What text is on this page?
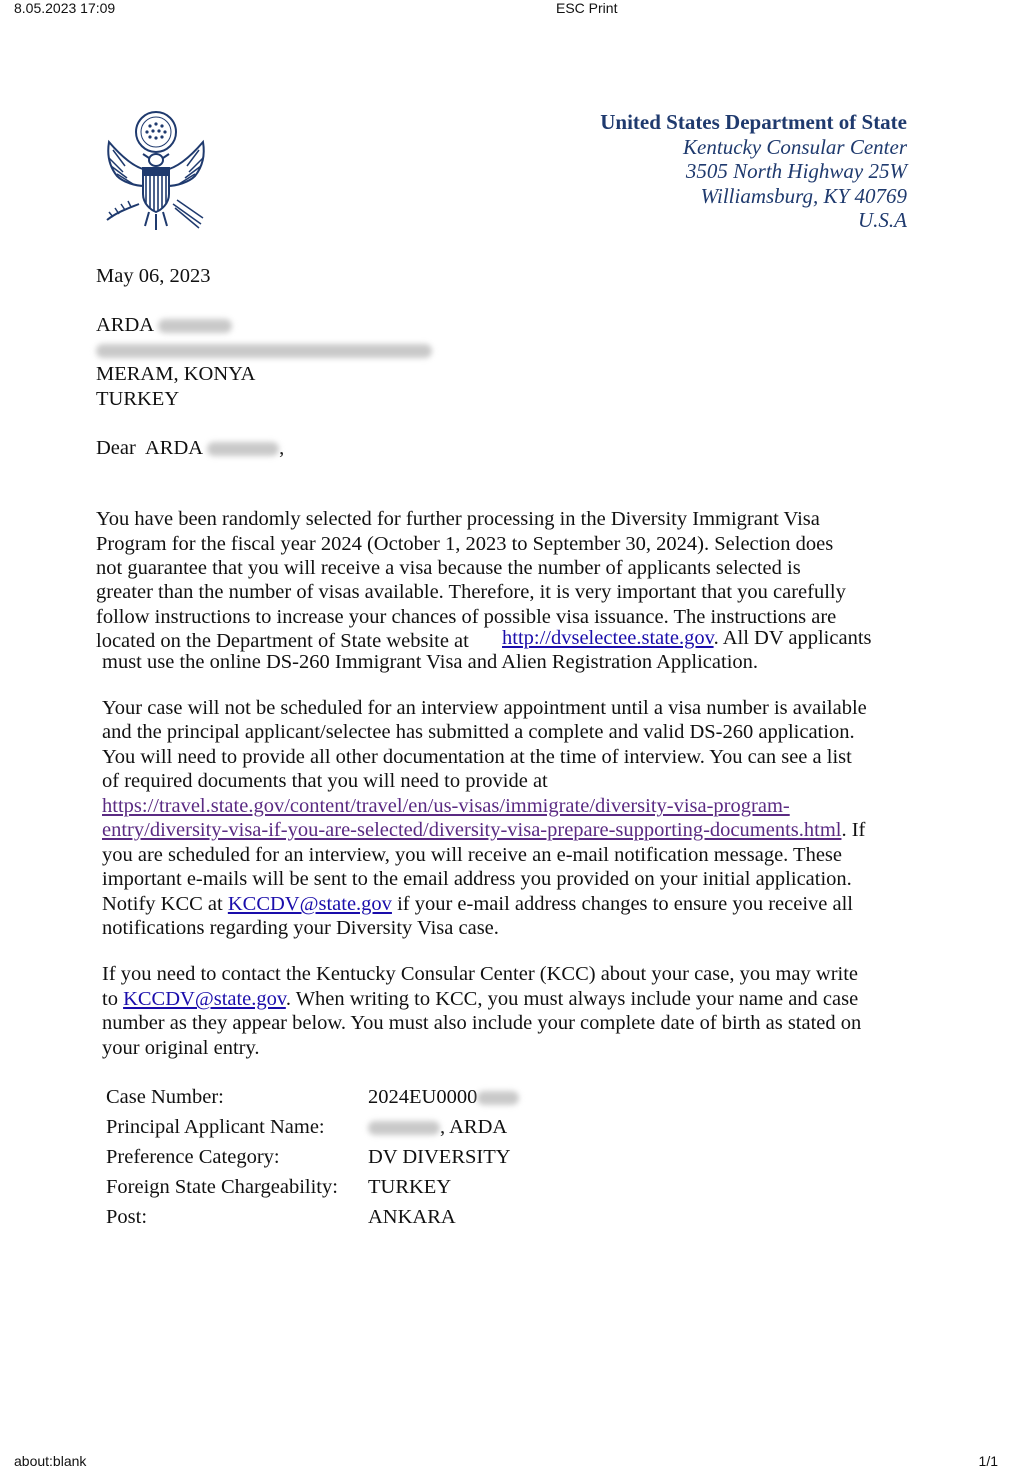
8.05.2023 17:09	ESC Print
about:blank	1/1
United States Department of State
Kentucky Consular Center
3505 North Highway 25W
Williamsburg, KY 40769
U.S.A
May 06, 2023
ARDA
MERAM, KONYA
TURKEY
Dear ARDA	,
You have been randomly selected for further processing in the Diversity Immigrant Visa
Program for the fiscal year 2024 (October 1, 2023 to September 30, 2024). Selection does
not guarantee that you will receive a visa because the number of applicants selected is
greater than the number of visas available. Therefore, it is very important that you carefully
follow instructions to increase your chances of possible visa issuance. The instructions are
located on the Department of State website at http://dvselectee.state.gov. All DV applicants
must use the online DS-260 Immigrant Visa and Alien Registration Application.
Your case will not be scheduled for an interview appointment until a visa number is available
and the principal applicant/selectee has submitted a complete and valid DS-260 application.
You will need to provide all other documentation at the time of interview. You can see a list
of required documents that you will need to provide at
https://travel.state.gov/content/travel/en/us-visas/immigrate/diversity-visa-program-
entry/diversity-visa-if-you-are-selected/diversity-visa-prepare-supporting-documents.html. If
you are scheduled for an interview, you will receive an e-mail notification message. These
important e-mails will be sent to the email address you provided on your initial application.
Notify KCC at KCCDV@state.gov if your e-mail address changes to ensure you receive all
notifications regarding your Diversity Visa case.
If you need to contact the Kentucky Consular Center (KCC) about your case, you may write
to KCCDV@state.gov. When writing to KCC, you must always include your name and case
number as they appear below. You must also include your complete date of birth as stated on
your original entry.
Case Number:	2024EU0000
Principal Applicant Name:	, ARDA
Preference Category:	DV DIVERSITY
Foreign State Chargeability: TURKEY
Post:	ANKARA
